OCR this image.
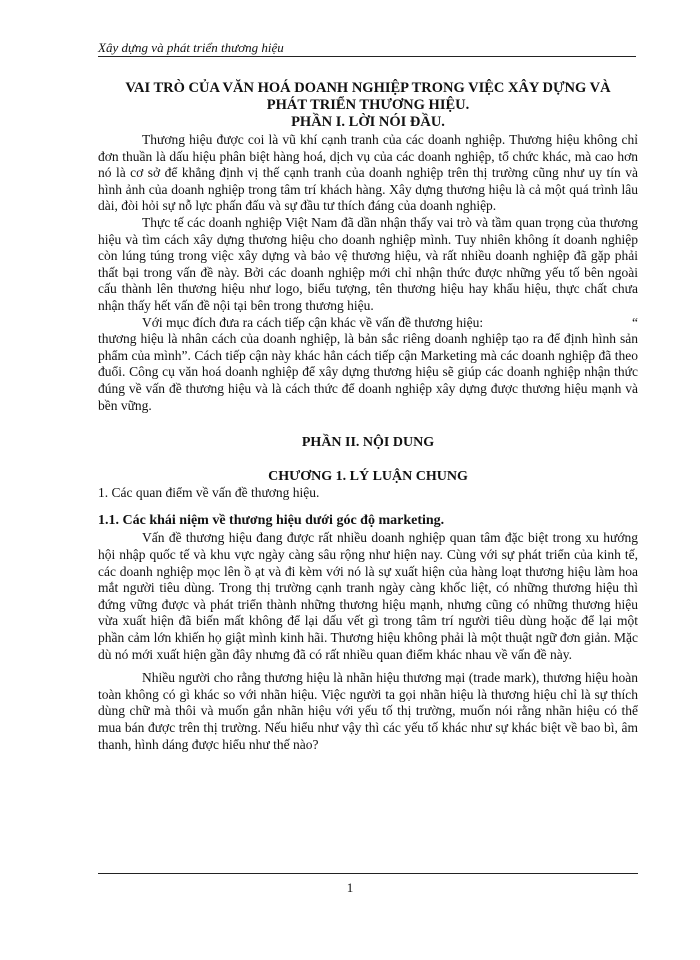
Xây dựng và phát triển thương hiệu
VAI TRÒ CỦA VĂN HOÁ DOANH NGHIỆP TRONG VIỆC XÂY DỰNG VÀ PHÁT TRIỂN THƯƠNG HIỆU.
PHẦN I. LỜI NÓI ĐẦU.

Thương hiệu được coi là vũ khí cạnh tranh của các doanh nghiệp. Thương hiệu không chỉ đơn thuần là dấu hiệu phân biệt hàng hoá, dịch vụ của các doanh nghiệp, tổ chức khác, mà cao hơn nó là cơ sở để khẳng định vị thế cạnh tranh của doanh nghiệp trên thị trường cũng như uy tín và hình ảnh của doanh nghiệp trong tâm trí khách hàng. Xây dựng thương hiệu là cả một quá trình lâu dài, đòi hỏi sự nỗ lực phấn đấu và sự đầu tư thích đáng của doanh nghiệp.

Thực tế các doanh nghiệp Việt Nam đã dần nhận thấy vai trò và tầm quan trọng của thương hiệu và tìm cách xây dựng thương hiệu cho doanh nghiệp mình. Tuy nhiên không ít doanh nghiệp còn lúng túng trong việc xây dựng và bảo vệ thương hiệu, và rất nhiều doanh nghiệp đã gặp phải thất bại trong vấn đề này. Bởi các doanh nghiệp mới chỉ nhận thức được những yếu tố bên ngoài cấu thành lên thương hiệu như logo, biểu tượng, tên thương hiệu hay khẩu hiệu, thực chất chưa nhận thấy hết vấn đề nội tại bên trong thương hiệu.

Với mục đích đưa ra cách tiếp cận khác về vấn đề thương hiệu:	“

thương hiệu là nhân cách của doanh nghiệp, là bản sắc riêng doanh nghiệp tạo ra để định hình sản phẩm của mình”. Cách tiếp cận này khác hẳn cách tiếp cận Marketing mà các doanh nghiệp đã theo đuổi. Công cụ văn hoá doanh nghiệp để xây dựng thương hiệu sẽ giúp các doanh nghiệp nhận thức đúng về vấn đề thương hiệu và là cách thức để doanh nghiệp xây dựng được thương hiệu mạnh và bền vững.

PHẦN II. NỘI DUNG
CHƯƠNG 1. LÝ LUẬN CHUNG

1. Các quan điểm về vấn đề thương hiệu.

1.1. Các khái niệm về thương hiệu dưới góc độ marketing.

Vấn đề thương hiệu đang được rất nhiều doanh nghiệp quan tâm đặc biệt trong xu hướng hội nhập quốc tế và khu vực ngày càng sâu rộng như hiện nay. Cùng với sự phát triển của kinh tế, các doanh nghiệp mọc lên ồ ạt và đi kèm với nó là sự xuất hiện của hàng loạt thương hiệu làm hoa mắt người tiêu dùng. Trong thị trường cạnh tranh ngày càng khốc liệt, có những thương hiệu thì đứng vững được và phát triển thành những thương hiệu mạnh, nhưng cũng có những thương hiệu vừa xuất hiện đã biến mất không để lại dấu vết gì trong tâm trí người tiêu dùng hoặc để lại một phần cảm lớn khiến họ giật mình kinh hãi. Thương hiệu không phải là một thuật ngữ đơn giản. Mặc dù nó mới xuất hiện gần đây nhưng đã có rất nhiều quan điểm khác nhau về vấn đề này.

Nhiều người cho rằng thương hiệu là nhãn hiệu thương mại (trade mark), thương hiệu hoàn toàn không có gì khác so với nhãn hiệu. Việc người ta gọi nhãn hiệu là thương hiệu chỉ là sự thích dùng chữ mà thôi và muốn gắn nhãn hiệu với yếu tố thị trường, muốn nói rằng nhãn hiệu có thể mua bán được trên thị trường. Nếu hiểu như vậy thì các yếu tố khác như sự khác biệt về bao bì, âm thanh, hình dáng được hiểu như thế nào?

1
